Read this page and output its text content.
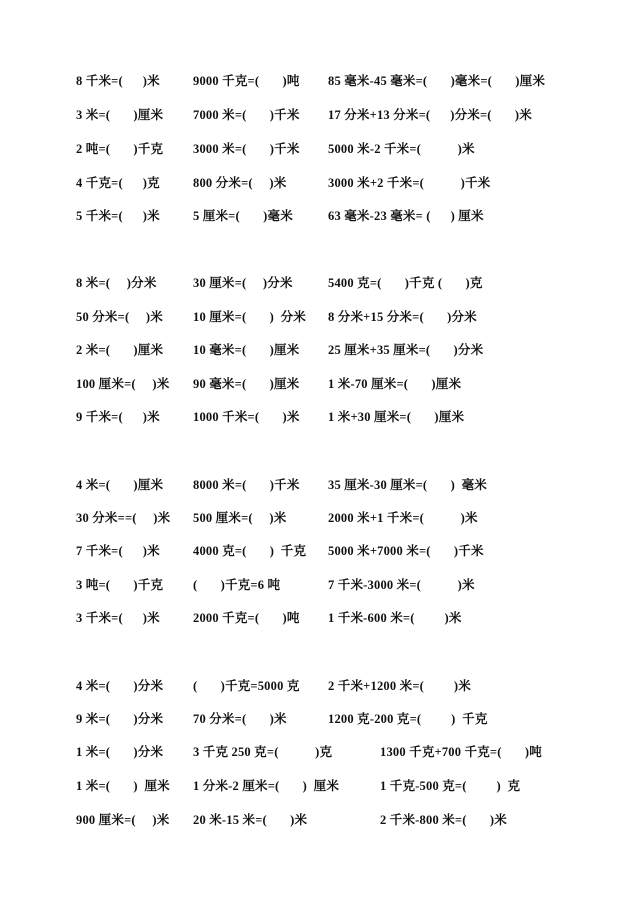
8 千米=(      )米	9000 千克=(       )吨 85 毫米-45 毫米=(       )毫米=(       )厘米
3 米=(       )厘米 7000 米=(       )千米 17 分米+13 分米=(      )分米=(       )米
2 吨=(       )千克 3000 米=(       )千米 5000 米-2 千米=(           )米
4 千克=(      )克	800 分米=(     )米	3000 米+2 千米=(           )千米
5 千米=(      )米	5 厘米=(       )毫米	63 毫米-23 毫米= (      ) 厘米
8 米=(     )分米	30 厘米=(     )分米	5400 克=(       )千克 (       )克
50 分米=(     )米 10 厘米=(       )  分米 8 分米+15 分米=(       )分米
2 米=(       )厘米 10 毫米=(       )厘米 25 厘米+35 厘米=(       )分米
100 厘米=(     )米 90 毫米=(       )厘米 1 米-70 厘米=(       )厘米
9 千米=(      )米	1000 千米=(       )米 1 米+30 厘米=(       )厘米
4 米=(       )厘米 8000 米=(       )千米 35 厘米-30 厘米=(       )  毫米
30 分米==(     )米 500 厘米=(     )米	2000 米+1 千米=(           )米
7 千米=(      )米	4000 克=(       )  千克 5000 米+7000 米=(       )千米
3 吨=(       )千克 (       )千克=6 吨	7 千米-3000 米=(           )米
3 千米=(      )米	2000 千克=(       )吨 1 千米-600 米=(         )米
4 米=(       )分米 (       )千克=5000 克 2 千米+1200 米=(         )米
9 米=(       )分米 70 分米=(       )米	1200 克-200 克=(         )  千克
1 米=(       )分米 3 千克 250 克=(           )克	1300 千克+700 千克=(       )吨
1 米=(       )  厘米 1 分米-2 厘米=(       )  厘米	1 千克-500 克=(         )  克
900 厘米=(     )米 20 米-15 米=(       )米	2 千米-800 米=(       )米
